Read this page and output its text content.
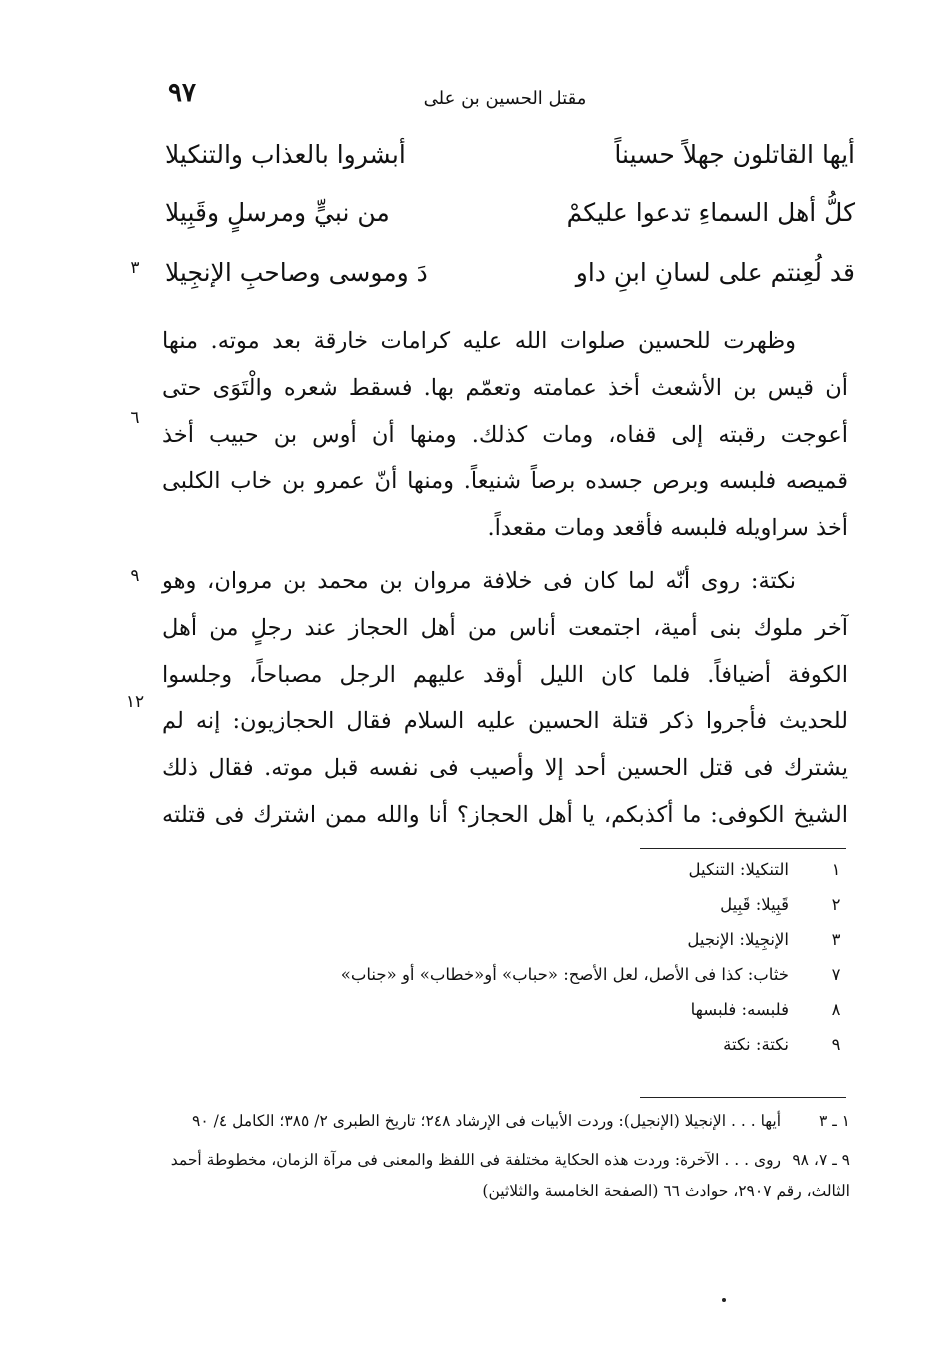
٩٧	مقتل الحسين بن على
أيها القاتلون جهلاً حسيناً
أبشروا بالعذاب والتنكيلا
كلُّ أهل السماءِ تدعوا عليكمْ
من نبيٍّ ومرسلٍ وقَبِيلا
قد لُعِنتم على لسانِ ابنِ داو
دَ وموسى وصاحبِ الإنجِيلا
٣
٦
٩
١٢
وظهرت للحسين صلوات الله عليه كرامات خارقة بعد موته. منها
أن قيس بن الأشعث أخذ عمامته وتعمّم بها. فسقط شعره والْتَوَى حتى
أعوجت رقبته إلى قفاه، ومات كذلك. ومنها أن أوس بن حبيب أخذ
قميصه فلبسه وبرص جسده برصاً شنيعاً. ومنها أنّ عمرو بن خاب الكلبى
أخذ سراويله فلبسه فأقعد ومات مقعداً.
نكتة: روى أنّه لما كان فى خلافة مروان بن محمد بن مروان، وهو
آخر ملوك بنى أمية، اجتمعت أناس من أهل الحجاز عند رجلٍ من أهل
الكوفة أضيافاً. فلما كان الليل أوقد عليهم الرجل مصباحاً، وجلسوا
للحديث فأجروا ذكر قتلة الحسين عليه السلام فقال الحجازيون: إنه لم
يشترك فى قتل الحسين أحد إلا وأصيب فى نفسه قبل موته. فقال ذلك
الشيخ الكوفى: ما أكذبكم، يا أهل الحجاز؟ أنا والله ممن اشترك فى قتلته
١
التنكيلا: التنكيل
٢
قَبِيلا: قَبِيل
٣
الإنجِيلا: الإنجيل
٧
خثاب: كذا فى الأصل، لعل الأصح: «حباب» أو«خطاب» أو «جناب»
٨
فلبسه: فلبسها
٩
نكتة: نكتة
١ ـ ٣ أيها . . . الإنجيلا (الإنجيل): وردت الأبيات فى الإرشاد ٢٤٨؛ تاريخ الطبرى ٢/ ٣٨٥؛ الكامل ٤/ ٩٠
٩ ـ ٧، ٩٨ روى . . . الآخرة: وردت هذه الحكاية مختلفة فى اللفظ والمعنى فى مرآة الزمان، مخطوطة أحمد الثالث، رقم ٢٩٠٧، حوادث ٦٦ (الصفحة الخامسة والثلاثين)
